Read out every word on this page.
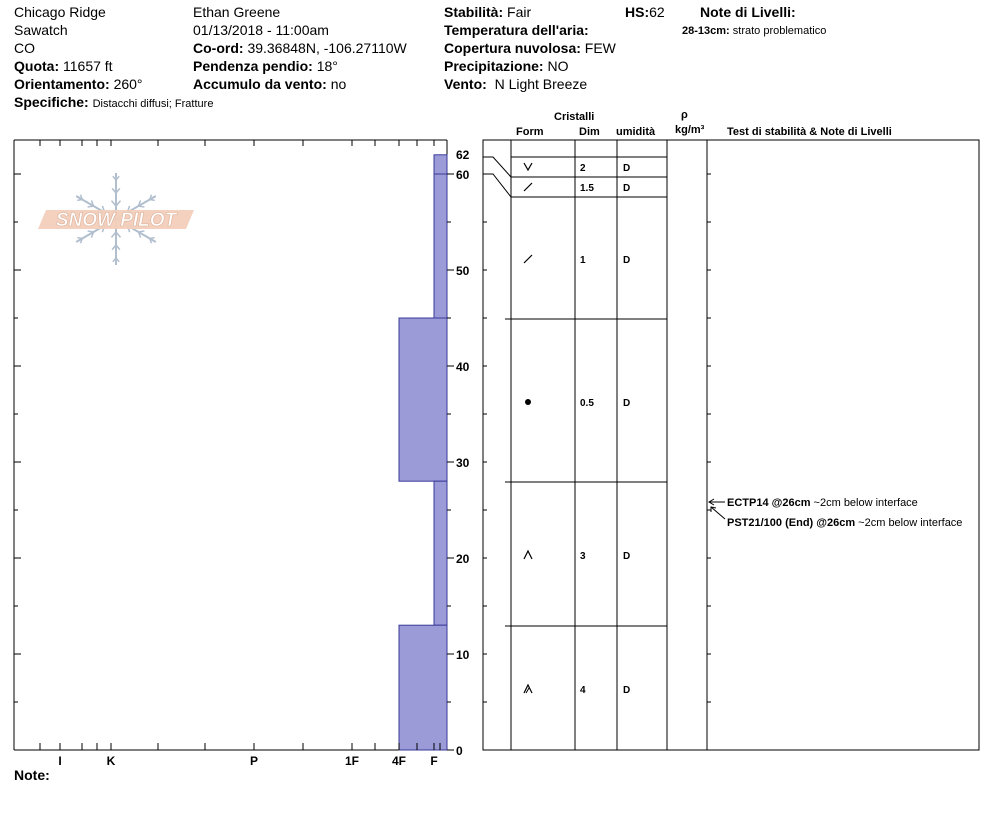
Chicago Ridge
Sawatch
CO
Quota: 11657 ft
Orientamento: 260°
Specifiche: Distacchi diffusi; Fratture
Ethan Greene
01/13/2018 - 11:00am
Co-ord: 39.36848N, -106.27110W
Pendenza pendio: 18°
Accumulo da vento: no
Stabilità: Fair	HS:62
Temperatura dell'aria:
Copertura nuvolosa: FEW
Precipitazione: NO
Vento: N Light Breeze
Note di Livelli:
28-13cm: strato problematico
Cristalli
Form	Dim umidità
ρ
kg/m³ Test di stabilità & Note di Livelli
Note:
SNOW PILOT
0
10
20
30
40
50
60
62
I	K	P	1F	4F F
2	D
1.5	D
1	D
0.5	D
3	D
4	D
ECTP14 @26cm ~2cm below interface
PST21/100 (End) @26cm ~2cm below interface
